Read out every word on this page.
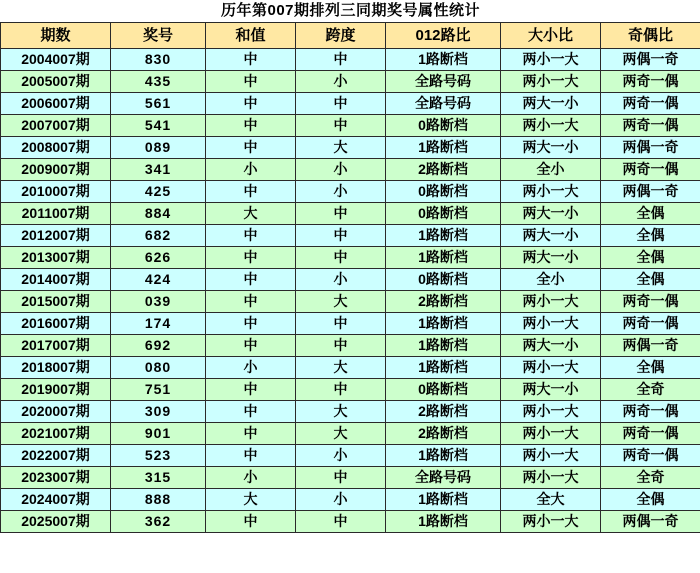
历年第007期排列三同期奖号属性统计						
期数	奖号	和值	跨度	012路比	大小比	奇偶比
2004007期	830	中	中	1路断档	两小一大	两偶一奇
2005007期	435	中	小	全路号码	两小一大	两奇一偶
2006007期	561	中	中	全路号码	两大一小	两奇一偶
2007007期	541	中	中	0路断档	两小一大	两奇一偶
2008007期	089	中	大	1路断档	两大一小	两偶一奇
2009007期	341	小	小	2路断档	全小	两奇一偶
2010007期	425	中	小	0路断档	两小一大	两偶一奇
2011007期	884	大	中	0路断档	两大一小	全偶
2012007期	682	中	中	1路断档	两大一小	全偶
2013007期	626	中	中	1路断档	两大一小	全偶
2014007期	424	中	小	0路断档	全小	全偶
2015007期	039	中	大	2路断档	两小一大	两奇一偶
2016007期	174	中	中	1路断档	两小一大	两奇一偶
2017007期	692	中	中	1路断档	两大一小	两偶一奇
2018007期	080	小	大	1路断档	两小一大	全偶
2019007期	751	中	中	0路断档	两大一小	全奇
2020007期	309	中	大	2路断档	两小一大	两奇一偶
2021007期	901	中	大	2路断档	两小一大	两奇一偶
2022007期	523	中	小	1路断档	两小一大	两奇一偶
2023007期	315	小	中	全路号码	两小一大	全奇
2024007期	888	大	小	1路断档	全大	全偶
2025007期	362	中	中	1路断档	两小一大	两偶一奇
